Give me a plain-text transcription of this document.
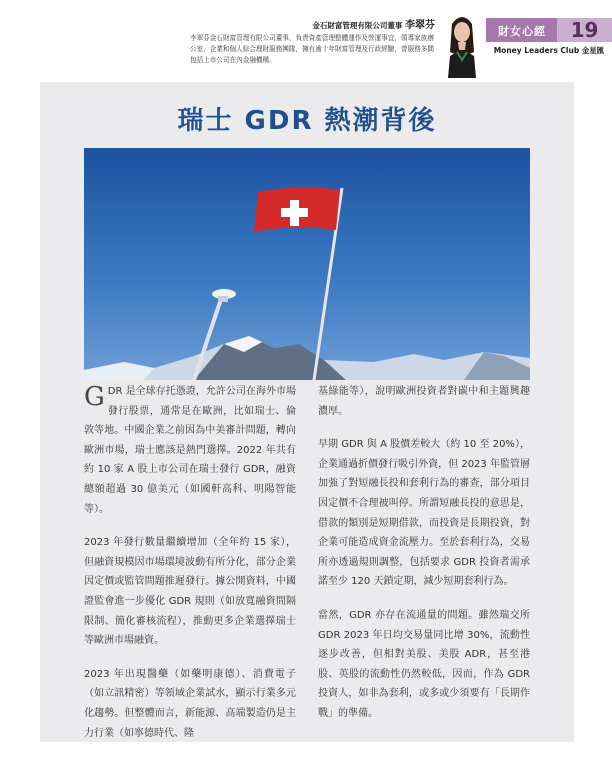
金石財富管理有限公司董事 李翠芬
李翠芬金石財富管理有限公司董事，負責資產管理整體運作及營運事宜，領導家族辦公室、企業和個人綜合理財服務團隊，擁有逾十年財富管理及行政經驗，曾服務多間包括上市公司在內金融機構。
財女心經	19
Money Leaders Club 金星匯
瑞士 GDR 熱潮背後

GDR 是全球存托憑證，允許公司在海外市場發行股票，通常是在歐洲，比如瑞士、倫敦等地。中國企業之前因為中美審計問題，轉向歐洲市場，瑞士應該是熱門選擇。2022 年共有約 10 家 A 股上市公司在瑞士發行 GDR，融資總額超過 30 億美元（如國軒高科、明陽智能等）。

2023 年發行數量繼續增加（全年約 15 家），但融資規模因市場環境波動有所分化，部分企業因定價或監管問題推遲發行。據公開資料，中國證監會進一步優化 GDR 規則（如放寬融資間隔限制、簡化審核流程），推動更多企業選擇瑞士等歐洲市場融資。

2023 年出現醫藥（如藥明康德）、消費電子（如立訊精密）等領域企業試水，顯示行業多元化趨勢。但整體而言，新能源、高端製造仍是主力行業（如寧德時代、隆

基綠能等），說明歐洲投資者對碳中和主題興趣濃厚。

早期 GDR 與 A 股價差較大（約 10 至 20%），企業通過折價發行吸引外資，但 2023 年監管層加強了對短融長投和套利行為的審查，部分項目因定價不合理被叫停。所謂短融長投的意思是，借款的類別是短期借款，而投資是長期投資，對企業可能造成資金流壓力。至於套利行為，交易所亦透過規則調整，包括要求 GDR 投資者需承諾至少 120 天鎖定期，減少短期套利行為。

當然，GDR 亦存在流通量的問題。雖然瑞交所 GDR 2023 年日均交易量同比增 30%，流動性逐步改善，但相對美股、美股 ADR，甚至港股、英股的流動性仍然較低，因而，作為 GDR 投資人，如非為套利，或多或少須要有「長期作戰」的準備。
